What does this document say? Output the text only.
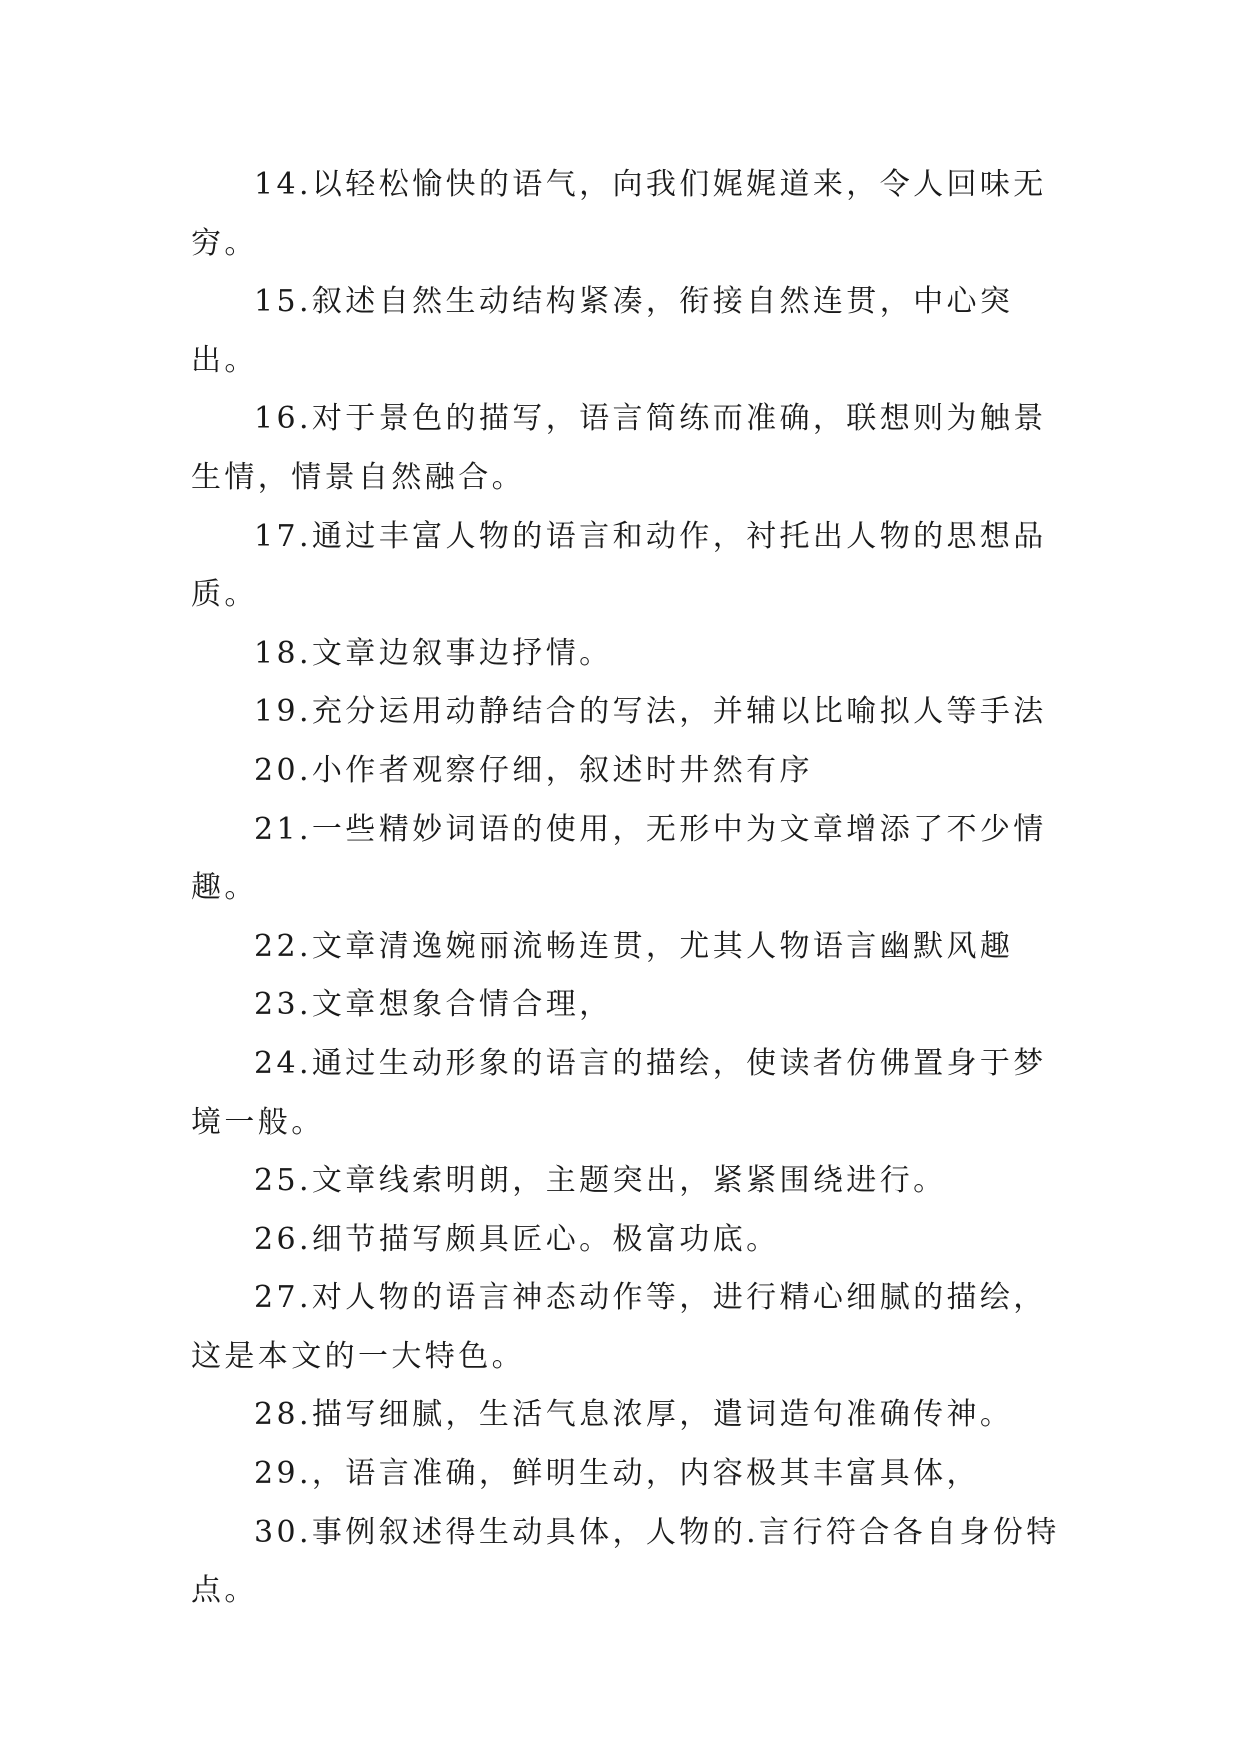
14.以轻松愉快的语气，向我们娓娓道来，令人回味无穷。

15.叙述自然生动结构紧凑，衔接自然连贯，中心突出。

16.对于景色的描写，语言简练而准确，联想则为触景生情，情景自然融合。

17.通过丰富人物的语言和动作，衬托出人物的思想品质。

18.文章边叙事边抒情。

19.充分运用动静结合的写法，并辅以比喻拟人等手法

20.小作者观察仔细，叙述时井然有序

21.一些精妙词语的使用，无形中为文章增添了不少情趣。

22.文章清逸婉丽流畅连贯，尤其人物语言幽默风趣

23.文章想象合情合理，

24.通过生动形象的语言的描绘，使读者仿佛置身于梦境一般。

25.文章线索明朗，主题突出，紧紧围绕进行。

26.细节描写颇具匠心。极富功底。

27.对人物的语言神态动作等，进行精心细腻的描绘，这是本文的一大特色。

28.描写细腻，生活气息浓厚，遣词造句准确传神。

29.，语言准确，鲜明生动，内容极其丰富具体，

30.事例叙述得生动具体，人物的.言行符合各自身份特点。
